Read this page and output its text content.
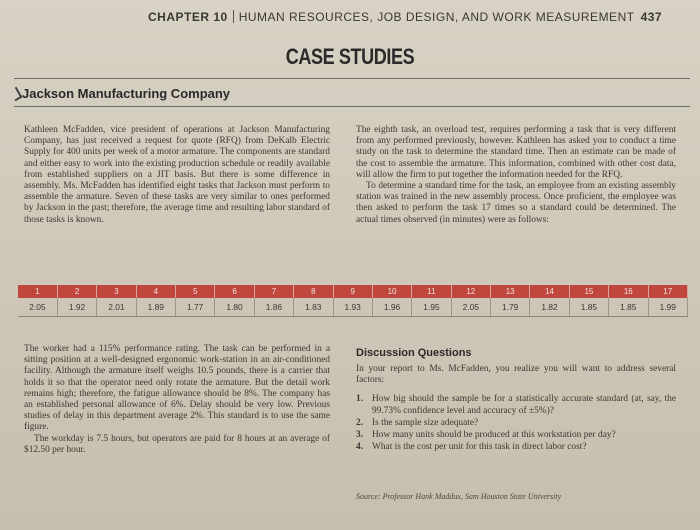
CHAPTER 10 HUMAN RESOURCES, JOB DESIGN, AND WORK MEASUREMENT 437
CASE STUDIES
Jackson Manufacturing Company

Kathleen McFadden, vice president of operations at Jackson Manufacturing Company, has just received a request for quote (RFQ) from DeKalb Electric Supply for 400 units per week of a motor armature. The components are standard and either easy to work into the existing production schedule or readily available from established suppliers on a JIT basis. But there is some difference in assembly. Ms. McFadden has identified eight tasks that Jackson must perform to assemble the armature. Seven of these tasks are very similar to ones performed by Jackson in the past; therefore, the average time and resulting labor standard of those tasks is known.

The eighth task, an overload test, requires performing a task that is very different from any performed previously, however. Kathleen has asked you to conduct a time study on the task to determine the standard time. Then an estimate can be made of the cost to assemble the armature. This information, combined with other cost data, will allow the firm to put together the information needed for the RFQ.

To determine a standard time for the task, an employee from an existing assembly station was trained in the new assembly process. Once proficient, the employee was then asked to perform the task 17 times so a standard could be determined. The actual times observed (in minutes) were as follows:

1	2	3	4	5	6	7	8	9	10	11	12	13	14	15	16	17
2.05	1.92	2.01	1.89	1.77	1.80	1.86	1.83	1.93	1.96	1.95	2.05	1.79	1.82	1.85	1.85	1.99

The worker had a 115% performance rating. The task can be performed in a sitting position at a well-designed ergonomic work-station in an air-conditioned facility. Although the armature itself weighs 10.5 pounds, there is a carrier that holds it so that the operator need only rotate the armature. But the detail work remains high; therefore, the fatigue allowance should be 8%. The company has an established personal allowance of 6%. Delay should be very low. Previous studies of delay in this department average 2%. This standard is to use the same figure.

The workday is 7.5 hours, but operators are paid for 8 hours at an average of $12.50 per hour.

Discussion Questions

In your report to Ms. McFadden, you realize you will want to address several factors:

1. How big should the sample be for a statistically accurate standard (at, say, the 99.73% confidence level and accuracy of ±5%)?
2. Is the sample size adequate?
3. How many units should be produced at this workstation per day?
4. What is the cost per unit for this task in direct labor cost?
Source: Professor Hank Maddux, Sam Houston State University
